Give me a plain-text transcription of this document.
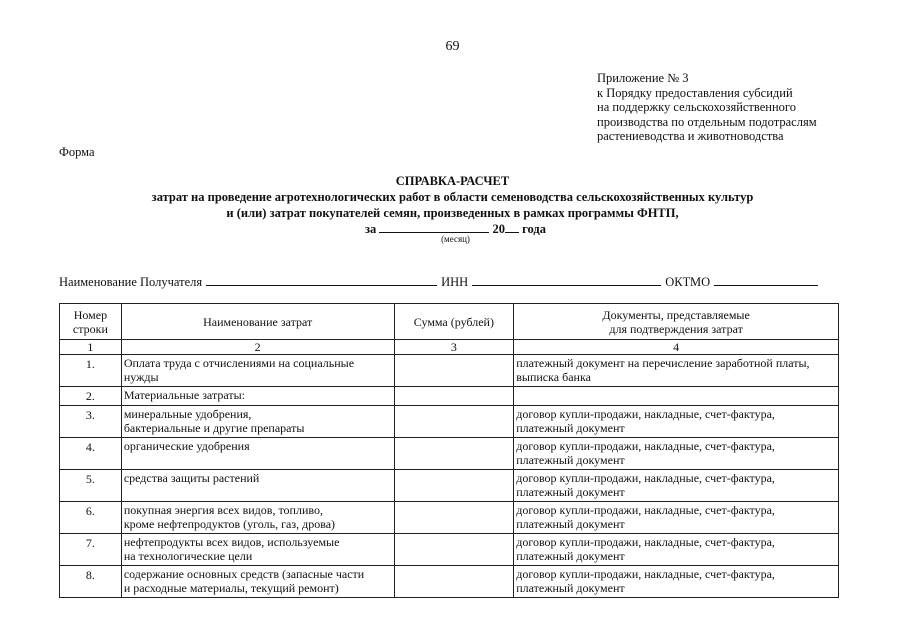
69
Приложение № 3
к Порядку предоставления субсидий
на поддержку сельскохозяйственного
производства по отдельным подотраслям
растениеводства и животноводства
Форма
СПРАВКА-РАСЧЕТ
затрат на проведение агротехнологических работ в области семеноводства сельскохозяйственных культур
и (или) затрат покупателей семян, произведенных в рамках программы ФНТП,
за	20 года
(месяц)
Наименование Получателя	ИНН	ОКТМО
Номер
строки	Наименование затрат	Сумма (рублей)	Документы, представляемые
для подтверждения затрат

1	2	3	4
1.	Оплата труда с отчислениями на социальные
нужды		платежный документ на перечисление заработной платы,
выписка банка

2.	Материальные затраты:		

3.	минеральные удобрения,
бактериальные и другие препараты		договор купли-продажи, накладные, счет-фактура,
платежный документ

4.	органические удобрения		договор купли-продажи, накладные, счет-фактура,
платежный документ

5.	средства защиты растений		договор купли-продажи, накладные, счет-фактура,
платежный документ

6.	покупная энергия всех видов, топливо,
кроме нефтепродуктов (уголь, газ, дрова)		договор купли-продажи, накладные, счет-фактура,
платежный документ

7.	нефтепродукты всех видов, используемые
на технологические цели		договор купли-продажи, накладные, счет-фактура,
платежный документ

8.	содержание основных средств (запасные части
и расходные материалы, текущий ремонт)		договор купли-продажи, накладные, счет-фактура,
платежный документ
